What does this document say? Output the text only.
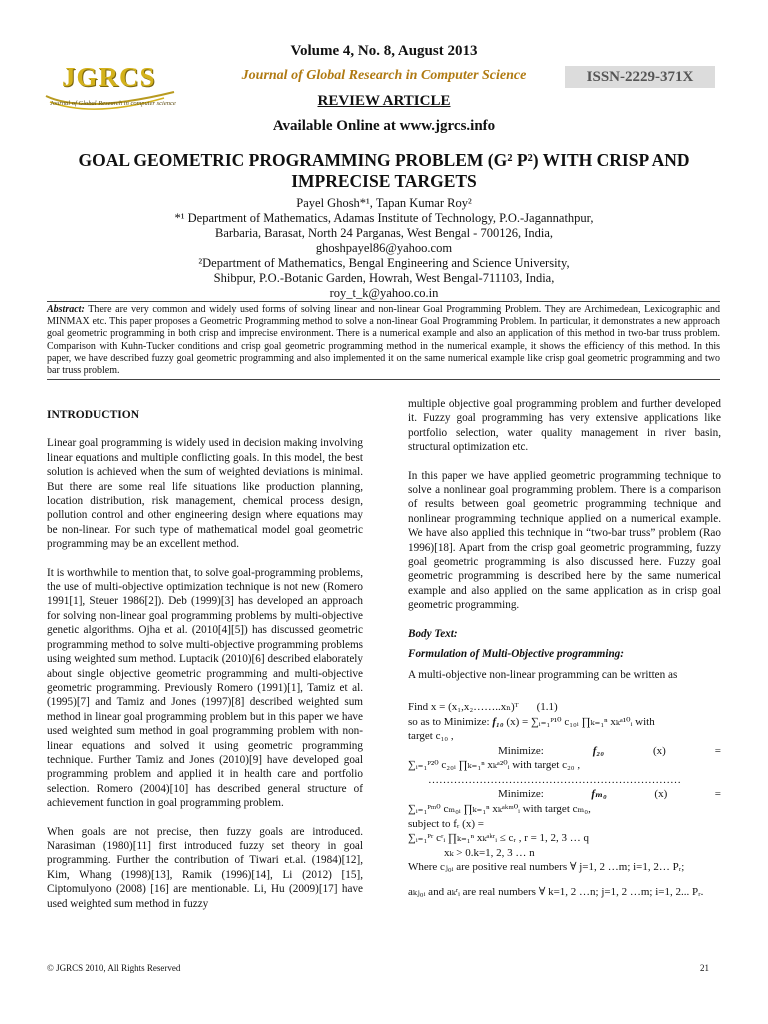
JGRCS
Journal of Global Research in computer science
Volume 4, No. 8, August 2013
Journal of Global Research in Computer Science	ISSN-2229-371X
REVIEW ARTICLE
Available Online at www.jgrcs.info
GOAL GEOMETRIC PROGRAMMING PROBLEM (G² P²) WITH CRISP AND
IMPRECISE TARGETS
Payel Ghosh*¹, Tapan Kumar Roy²
*¹ Department of Mathematics, Adamas Institute of Technology, P.O.-Jagannathpur,
Barbaria, Barasat, North 24 Parganas, West Bengal - 700126, India,
ghoshpayel86@yahoo.com
²Department of Mathematics, Bengal Engineering and Science University,
Shibpur, P.O.-Botanic Garden, Howrah, West Bengal-711103, India,
roy_t_k@yahoo.co.in
Abstract: There are very common and widely used forms of solving linear and non-linear Goal Programming Problem. They are Archimedean, Lexicographic and MINMAX etc. This paper proposes a Geometric Programming method to solve a non-linear Goal Programming Problem. In particular, it demonstrates a new approach goal geometric programming in both crisp and imprecise environment. There is a numerical example and also an application of this method in two-bar truss problem. Comparison with Kuhn-Tucker conditions and crisp goal geometric programming method in the numerical example, it shows the efficiency of this method. In this paper, we have described fuzzy goal geometric programming and also implemented it on the same numerical example like crisp goal geometric programming and two bar truss problem.
INTRODUCTION

Linear goal programming is widely used in decision making involving linear equations and multiple conflicting goals. In this model, the best solution is achieved when the sum of weighted deviations is minimal. But there are some real life situations like production planning, location distribution, risk management, chemical process design, pollution control and other engineering design where equations may be non-linear. For such type of mathematical model goal geometric programming may be an excellent method.

It is worthwhile to mention that, to solve goal-programming problems, the use of multi-objective optimization technique is not new (Romero 1991[1], Steuer 1986[2]). Deb (1999)[3] has developed an approach for solving non-linear goal programming problems by multi-objective genetic algorithms. Ojha et al. (2010[4][5]) has discussed geometric programming method to solve multi-objective programming problems using weighted sum method. Luptacik (2010)[6] described elaborately about single objective geometric programming and multi-objective geometric programming. Previously Romero (1991)[1], Tamiz et al. (1995)[7] and Tamiz and Jones (1997)[8] described weighted sum method in linear goal programming problem but in this paper we have used weighted sum method in goal programming problem with non-linear equations and solved it using geometric programming technique. Further Tamiz and Jones (2010)[9] have developed goal programming problem and applied it in health care and portfolio selection. Romero (2004)[10] has described general structure of achievement function in goal programming problem.

When goals are not precise, then fuzzy goals are introduced. Narasiman (1980)[11] first introduced fuzzy set theory in goal programming. Further the contribution of Tiwari et.al. (1984)[12], Kim, Whang (1998)[13], Ramik (1996)[14], Li (2012) [15], Ciptomulyono (2008) [16] are mentionable. Li, Hu (2009)[17] have used weighted sum method in fuzzy

multiple objective goal programming problem and further developed it. Fuzzy goal programming has very extensive applications like portfolio selection, water quality management in river basin, structural optimization etc.

In this paper we have applied geometric programming technique to solve a nonlinear goal programming problem. There is a comparison of results between goal geometric programming technique and nonlinear programming technique applied on a numerical example. We have also applied this technique in “two-bar truss” problem (Rao 1996)[18]. Apart from the crisp goal geometric programming, fuzzy goal geometric programming is also discussed here. Fuzzy goal geometric programming is described here by the same numerical example and also applied on the same application as in crisp goal geometric programming.

Body Text:
Formulation of Multi-Objective programming:

A multi-objective non-linear programming can be written as

Find x = (x₁,x₂……..xₙ)ᵀ (1.1)
so as to Minimize: f₁₀ (x) = ∑ᵢ₌₁ᴾ¹⁰ c₁₀ᵢ ∏ₖ₌₁ⁿ xₖᵃ¹⁰ᵢ with
target c₁₀ ,
Minimize:	f₂₀	(x)	=
∑ᵢ₌₁ᴾ²⁰ c₂₀ᵢ ∏ₖ₌₁ⁿ xₖᵃ²⁰ᵢ with target c₂₀ ,
……………………………………………………………
Minimize:	fₘ₀	(x)	=
∑ᵢ₌₁ᴾᵐ⁰ cₘ₀ᵢ ∏ₖ₌₁ⁿ xₖᵃᵏᵐ⁰ᵢ with target cₘ₀,
subject to fᵣ (x) =
∑ᵢ₌₁ᴾʳ cʳᵢ ∏ₖ₌₁ⁿ xₖᵃᵏʳᵢ ≤ cᵣ , r = 1, 2, 3 … q
xₖ > 0.k=1, 2, 3 … n
Where cⱼ₀ᵢ are positive real numbers ∀ j=1, 2 …m; i=1, 2… Pᵣ;
aₖⱼ₀ᵢ and aₖʳᵢ are real numbers ∀ k=1, 2 …n; j=1, 2 …m; i=1, 2... Pᵣ.
© JGRCS 2010, All Rights Reserved	21
